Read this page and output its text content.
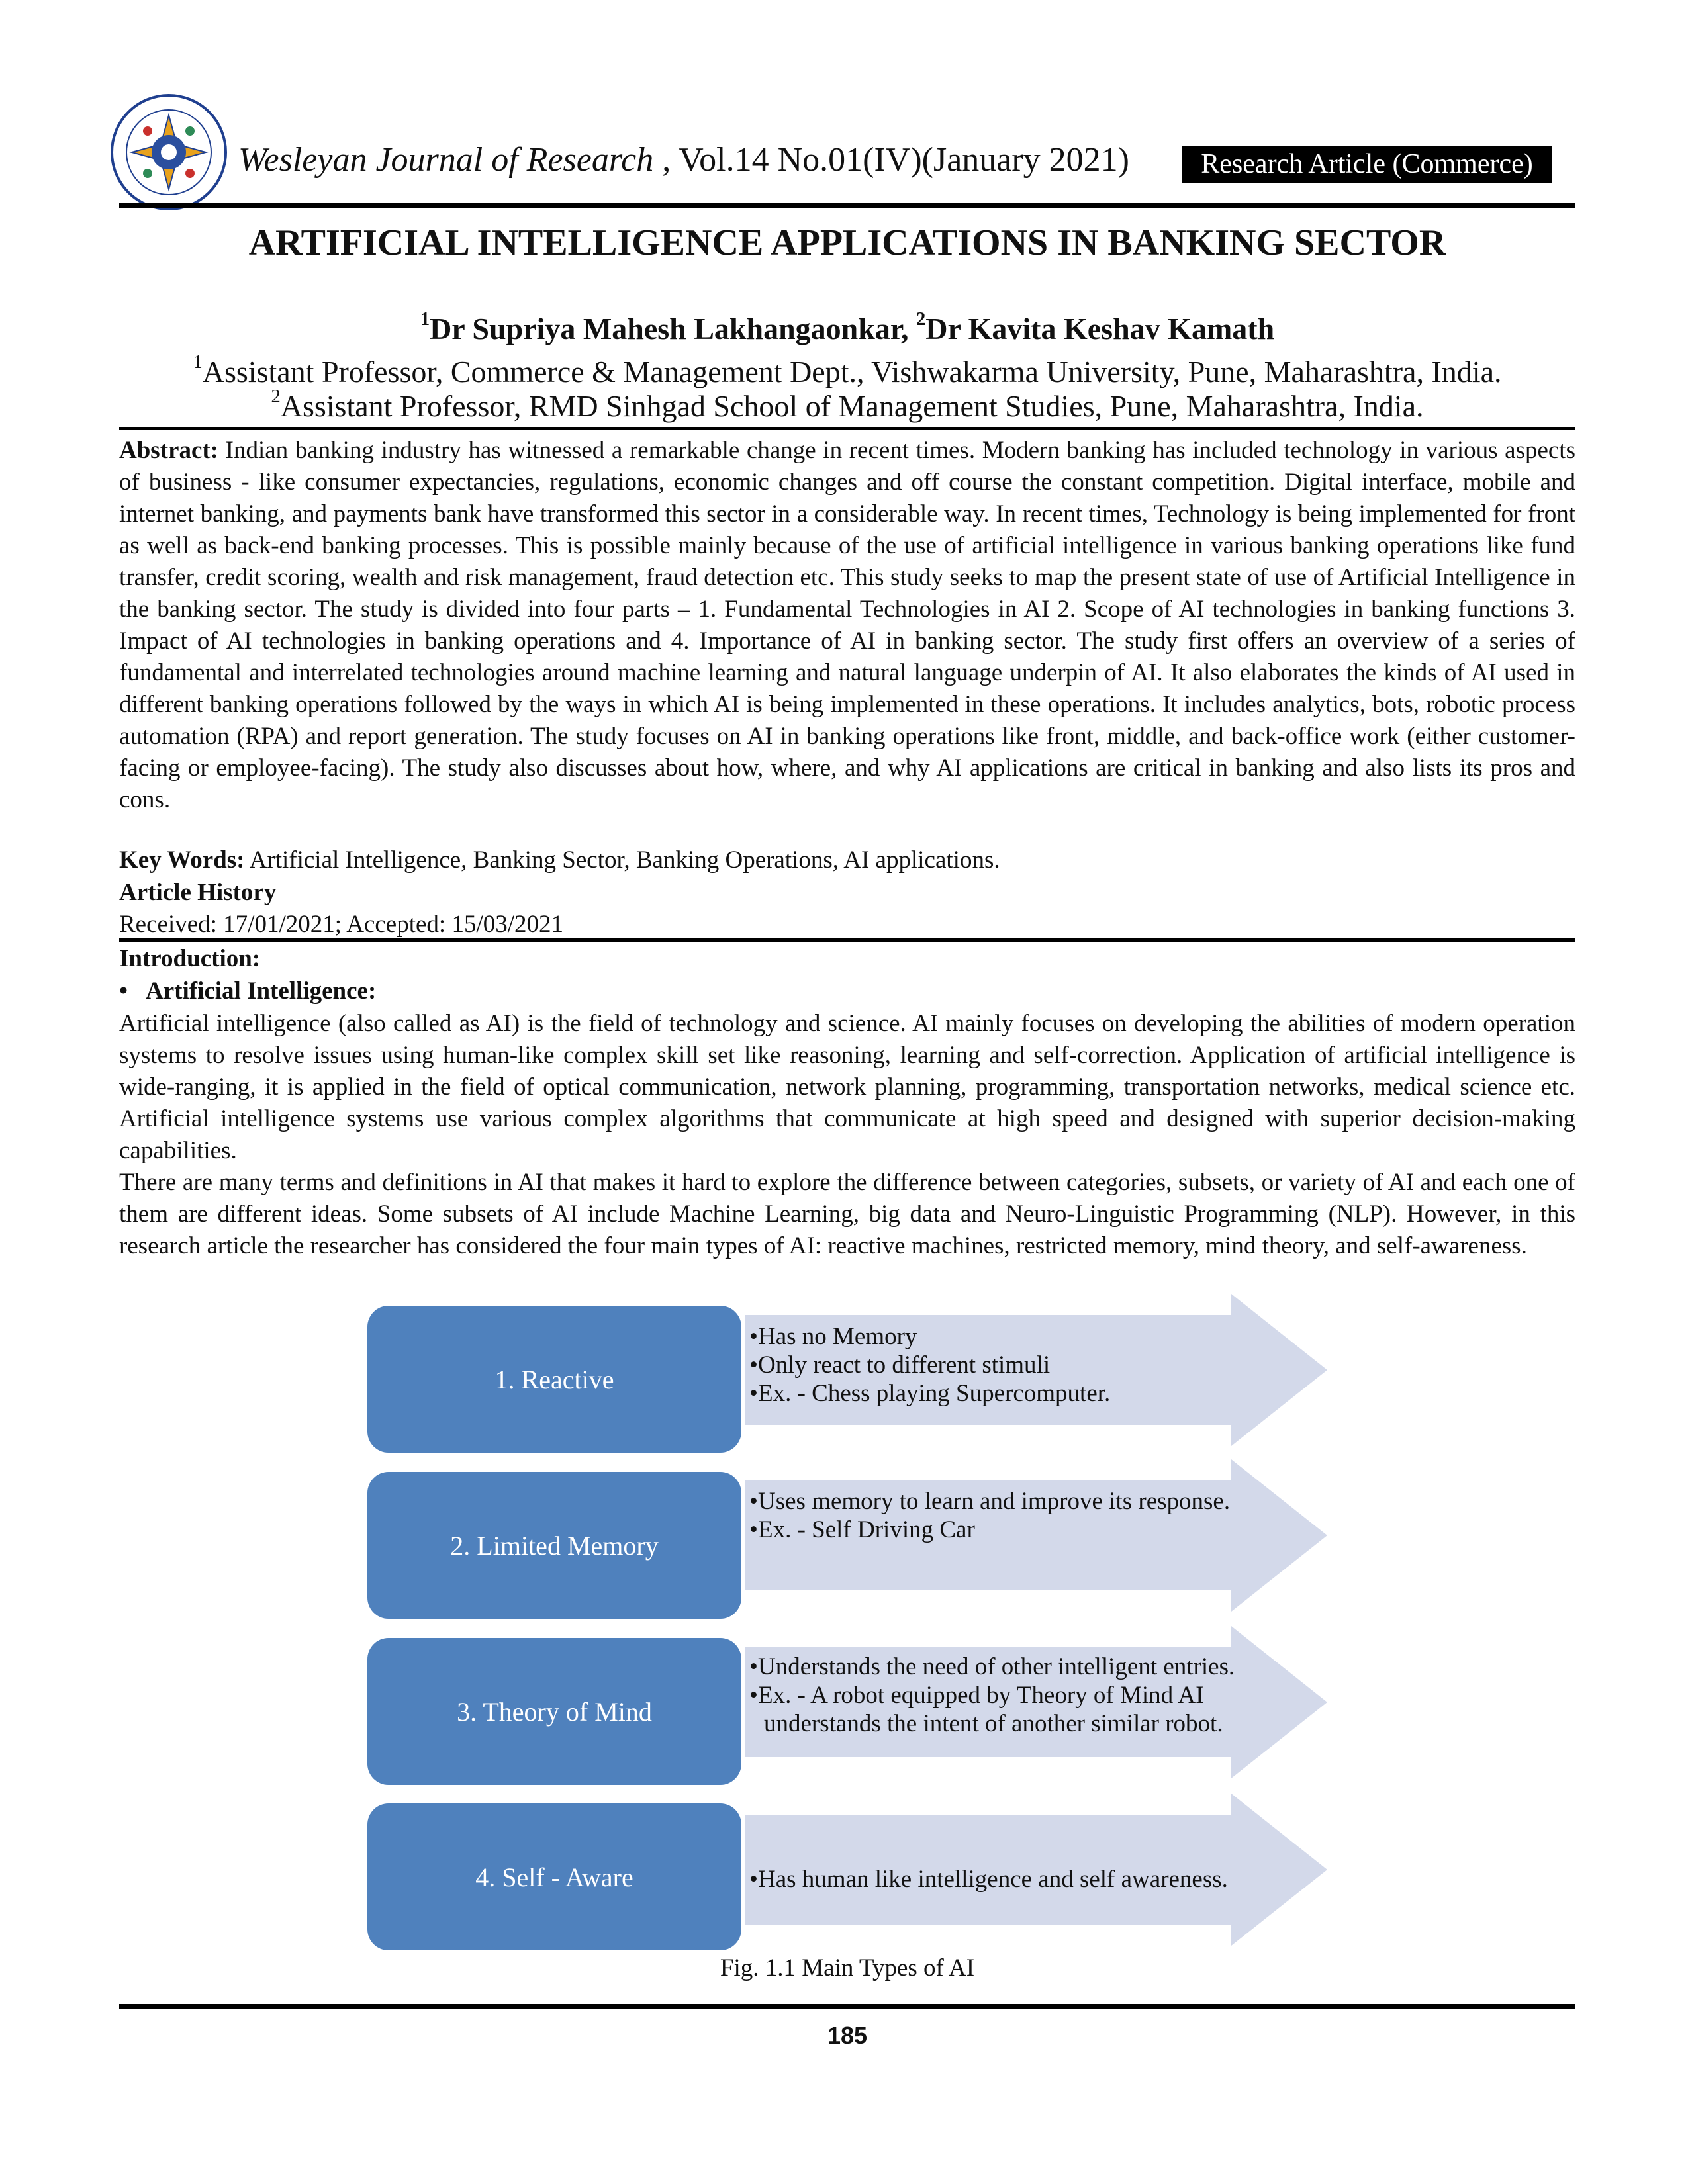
Wesleyan Journal of Research , Vol.14 No.01(IV)(January 2021)	Research Article (Commerce)
ARTIFICIAL INTELLIGENCE APPLICATIONS IN BANKING SECTOR
$^1$Dr Supriya Mahesh Lakhangaonkar, $^2$Dr Kavita Keshav Kamath
$^1$Assistant Professor, Commerce & Management Dept., Vishwakarma University, Pune, Maharashtra, India.
$^2$Assistant Professor, RMD Sinhgad School of Management Studies, Pune, Maharashtra, India.
Abstract: Indian banking industry has witnessed a remarkable change in recent times. Modern banking has included technology in various aspects of business - like consumer expectancies, regulations, economic changes and off course the constant competition. Digital interface, mobile and internet banking, and payments bank have transformed this sector in a considerable way. In recent times, Technology is being implemented for front as well as back-end banking processes. This is possible mainly because of the use of artificial intelligence in various banking operations like fund transfer, credit scoring, wealth and risk management, fraud detection etc. This study seeks to map the present state of use of Artificial Intelligence in the banking sector. The study is divided into four parts – 1. Fundamental Technologies in AI 2. Scope of AI technologies in banking functions 3. Impact of AI technologies in banking operations and 4. Importance of AI in banking sector. The study first offers an overview of a series of fundamental and interrelated technologies around machine learning and natural language underpin of AI. It also elaborates the kinds of AI used in different banking operations followed by the ways in which AI is being implemented in these operations. It includes analytics, bots, robotic process automation (RPA) and report generation. The study focuses on AI in banking operations like front, middle, and back-office work (either customer-facing or employee-facing). The study also discusses about how, where, and why AI applications are critical in banking and also lists its pros and cons.
Key Words: Artificial Intelligence, Banking Sector, Banking Operations, AI applications.
Article History
Received: 17/01/2021; Accepted: 15/03/2021
Introduction:
• Artificial Intelligence:
Artificial intelligence (also called as AI) is the field of technology and science. AI mainly focuses on developing the abilities of modern operation systems to resolve issues using human-like complex skill set like reasoning, learning and self-correction. Application of artificial intelligence is wide-ranging, it is applied in the field of optical communication, network planning, programming, transportation networks, medical science etc. Artificial intelligence systems use various complex algorithms that communicate at high speed and designed with superior decision-making capabilities.
There are many terms and definitions in AI that makes it hard to explore the difference between categories, subsets, or variety of AI and each one of them are different ideas. Some subsets of AI include Machine Learning, big data and Neuro-Linguistic Programming (NLP). However, in this research article the researcher has considered the four main types of AI: reactive machines, restricted memory, mind theory, and self-awareness.
1. Reactive
•Has no Memory
•Only react to different stimuli
•Ex. - Chess playing Supercomputer.
2. Limited Memory
•Uses memory to learn and improve its response.
•Ex. - Self Driving Car
3. Theory of Mind
•Understands the need of other intelligent entries.
•Ex. - A robot equipped by Theory of Mind AI understands the intent of another similar robot.
4. Self - Aware	•Has human like intelligence and self awareness.
Fig. 1.1 Main Types of AI
185
